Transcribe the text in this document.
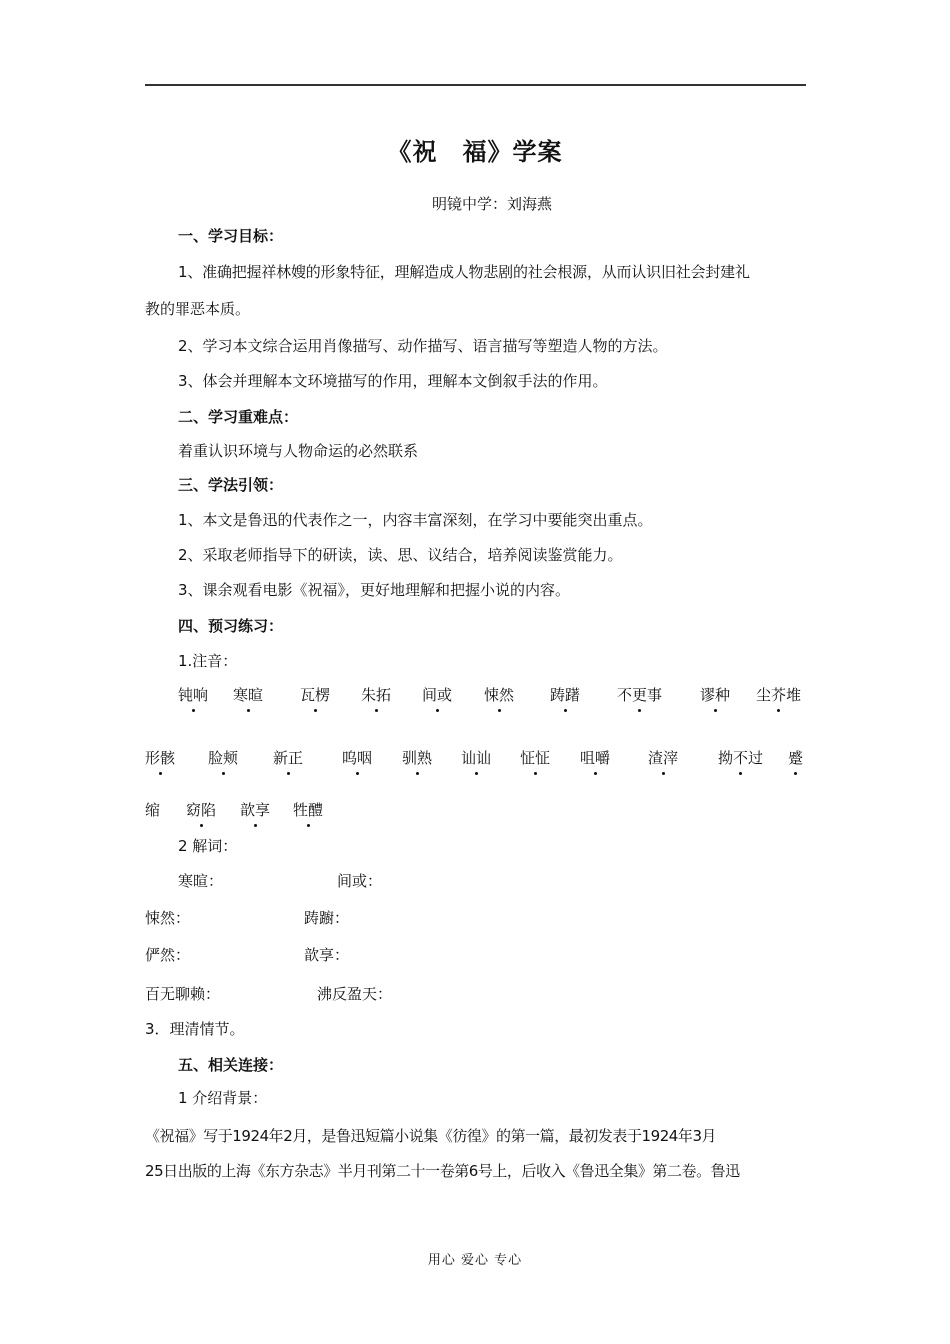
《祝　福》学案
明镜中学：刘海燕
一、学习目标：
1、准确把握祥林嫂的形象特征，理解造成人物悲剧的社会根源，从而认识旧社会封建礼
教的罪恶本质。
2、学习本文综合运用肖像描写、动作描写、语言描写等塑造人物的方法。
3、体会并理解本文环境描写的作用，理解本文倒叙手法的作用。
二、学习重难点：
着重认识环境与人物命运的必然联系
三、学法引领：
1、本文是鲁迅的代表作之一，内容丰富深刻，在学习中要能突出重点。
2、采取老师指导下的研读，读、思、议结合，培养阅读鉴赏能力。
3、课余观看电影《祝福》，更好地理解和把握小说的内容。
四、预习练习：
1.注音：
钝响 寒暄 瓦楞 朱拓 间或 悚然 踌躇 不更事	谬种 尘芥堆
形骸 脸颊 新正	呜咽 驯熟 讪讪 怔怔 咀嚼	渣滓	拗不过 蹙
缩 窈陷 歆享 牲醴
2 解词：
寒暄：	间或：
悚然：	踌躕：
俨然：	歆享：
百无聊赖：	沸反盈天：
3．理清情节。
五、相关连接：
1 介绍背景：
《祝福》写于1924年2月，是鲁迅短篇小说集《彷徨》的第一篇，最初发表于1924年3月
25日出版的上海《东方杂志》半月刊第二十一卷第6号上，后收入《鲁迅全集》第二卷。鲁迅
用心 爱心 专心
